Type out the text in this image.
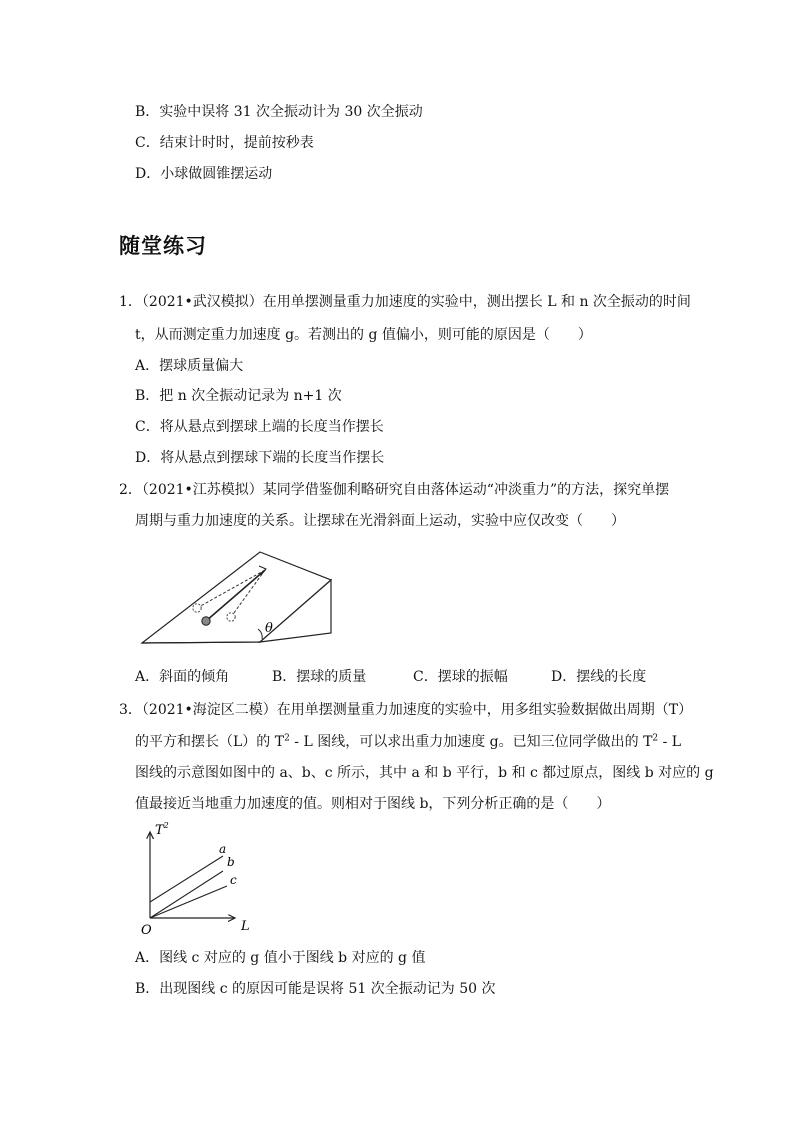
B．实验中误将 31 次全振动计为 30 次全振动
C．结束计时时，提前按秒表
D．小球做圆锥摆运动
随堂练习
1．（2021•武汉模拟）在用单摆测量重力加速度的实验中，测出摆长 L 和 n 次全振动的时间
t，从而测定重力加速度 g。若测出的 g 值偏小，则可能的原因是（　　）
A．摆球质量偏大
B．把 n 次全振动记录为 n+1 次
C．将从悬点到摆球上端的长度当作摆长
D．将从悬点到摆球下端的长度当作摆长
2．（2021•江苏模拟）某同学借鉴伽利略研究自由落体运动“冲淡重力”的方法，探究单摆
周期与重力加速度的关系。让摆球在光滑斜面上运动，实验中应仅改变（　　）
θ
A．斜面的倾角	B．摆球的质量	C．摆球的振幅	D．摆线的长度
3．（2021•海淀区二模）在用单摆测量重力加速度的实验中，用多组实验数据做出周期（T）
的平方和摆长（L）的 $T^2$ - L 图线，可以求出重力加速度 g。已知三位同学做出的 $T^2$ - L
图线的示意图如图中的 a、b、c 所示，其中 a 和 b 平行，b 和 c 都过原点，图线 b 对应的 g
值最接近当地重力加速度的值。则相对于图线 b，下列分析正确的是（　　）
$T^2$
L
O
a
b
c
A．图线 c 对应的 g 值小于图线 b 对应的 g 值
B．出现图线 c 的原因可能是误将 51 次全振动记为 50 次
